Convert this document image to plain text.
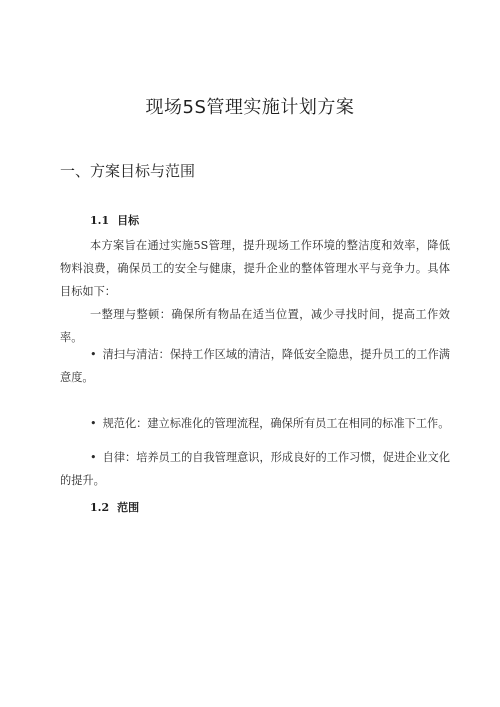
现场5S管理实施计划方案
一、方案目标与范围
1.1 目标

本方案旨在通过实施5S管理，提升现场工作环境的整洁度和效率，降低物料浪费，确保员工的安全与健康，提升企业的整体管理水平与竞争力。具体目标如下：

一整理与整顿：确保所有物品在适当位置，减少寻找时间，提高工作效率。

• 清扫与清洁：保持工作区域的清洁，降低安全隐患，提升员工的工作满意度。

• 规范化：建立标准化的管理流程，确保所有员工在相同的标准下工作。

• 自律：培养员工的自我管理意识，形成良好的工作习惯，促进企业文化的提升。

1.2 范围
